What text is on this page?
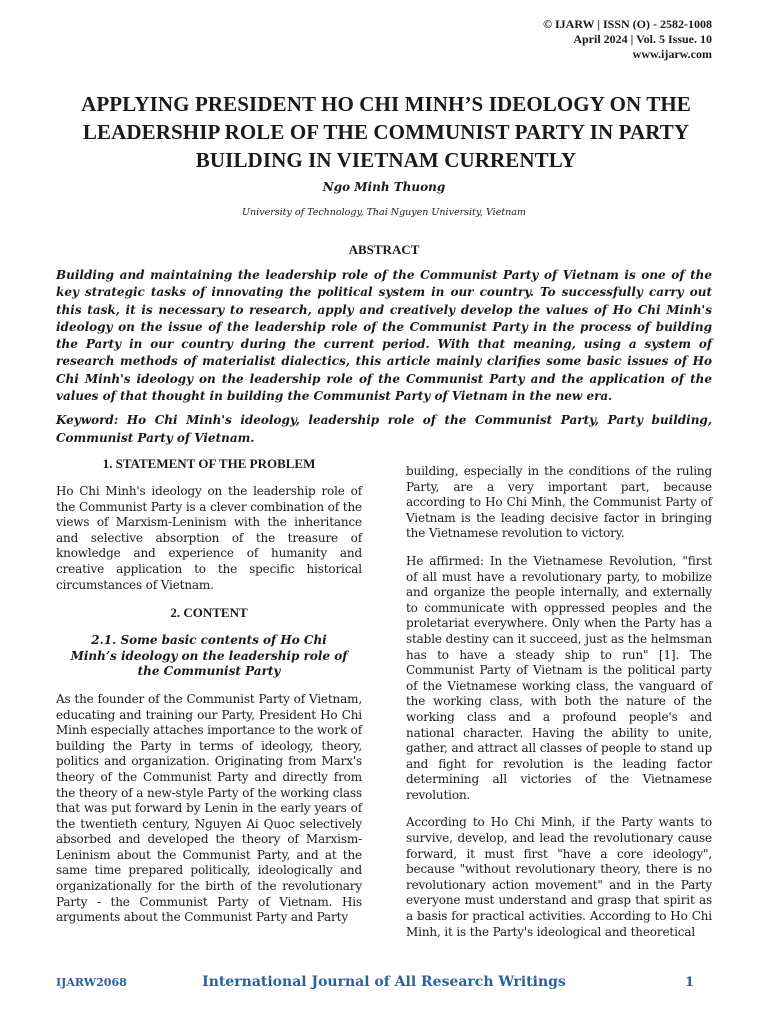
© IJARW | ISSN (O) - 2582-1008
April 2024 | Vol. 5 Issue. 10
www.ijarw.com
APPLYING PRESIDENT HO CHI MINH’S IDEOLOGY ON THE LEADERSHIP ROLE OF THE COMMUNIST PARTY IN PARTY BUILDING IN VIETNAM CURRENTLY
Ngo Minh Thuong
University of Technology, Thai Nguyen University, Vietnam
ABSTRACT

Building and maintaining the leadership role of the Communist Party of Vietnam is one of the key strategic tasks of innovating the political system in our country. To successfully carry out this task, it is necessary to research, apply and creatively develop the values of Ho Chi Minh's ideology on the issue of the leadership role of the Communist Party in the process of building the Party in our country during the current period. With that meaning, using a system of research methods of materialist dialectics, this article mainly clarifies some basic issues of Ho Chi Minh's ideology on the leadership role of the Communist Party and the application of the values of that thought in building the Communist Party of Vietnam in the new era.

Keyword: Ho Chi Minh's ideology, leadership role of the Communist Party, Party building, Communist Party of Vietnam.

1. STATEMENT OF THE PROBLEM

Ho Chi Minh's ideology on the leadership role of the Communist Party is a clever combination of the views of Marxism-Leninism with the inheritance and selective absorption of the treasure of knowledge and experience of humanity and creative application to the specific historical circumstances of Vietnam.

2. CONTENT
2.1. Some basic contents of Ho Chi Minh’s ideology on the leadership role of the Communist Party

As the founder of the Communist Party of Vietnam, educating and training our Party, President Ho Chi Minh especially attaches importance to the work of building the Party in terms of ideology, theory, politics and organization. Originating from Marx's theory of the Communist Party and directly from the theory of a new-style Party of the working class that was put forward by Lenin in the early years of the twentieth century, Nguyen Ai Quoc selectively absorbed and developed the theory of Marxism-Leninism about the Communist Party, and at the same time prepared politically, ideologically and organizationally for the birth of the revolutionary Party - the Communist Party of Vietnam. His arguments about the Communist Party and Party

building, especially in the conditions of the ruling Party, are a very important part, because according to Ho Chi Minh, the Communist Party of Vietnam is the leading decisive factor in bringing the Vietnamese revolution to victory.

He affirmed: In the Vietnamese Revolution, "first of all must have a revolutionary party, to mobilize and organize the people internally, and externally to communicate with oppressed peoples and the proletariat everywhere. Only when the Party has a stable destiny can it succeed, just as the helmsman has to have a steady ship to run" [1]. The Communist Party of Vietnam is the political party of the Vietnamese working class, the vanguard of the working class, with both the nature of the working class and a profound people's and national character. Having the ability to unite, gather, and attract all classes of people to stand up and fight for revolution is the leading factor determining all victories of the Vietnamese revolution.

According to Ho Chi Minh, if the Party wants to survive, develop, and lead the revolutionary cause forward, it must first "have a core ideology", because "without revolutionary theory, there is no revolutionary action movement" and in the Party everyone must understand and grasp that spirit as a basis for practical activities. According to Ho Chi Minh, it is the Party's ideological and theoretical

IJARW2068	International Journal of All Research Writings	1
